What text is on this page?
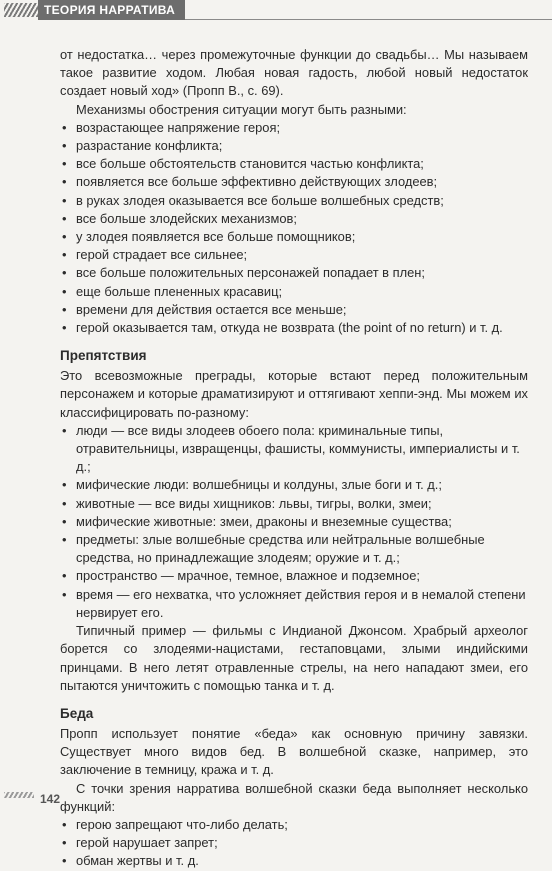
ТЕОРИЯ НАРРАТИВА

от недостатка… через промежуточные функции до свадьбы… Мы называем такое развитие ходом. Любая новая гадость, любой новый недостаток создает новый ход» (Пропп В., с. 69).

Механизмы обострения ситуации могут быть разными:

• возрастающее напряжение героя;
• разрастание конфликта;
• все больше обстоятельств становится частью конфликта;
• появляется все больше эффективно действующих злодеев;
• в руках злодея оказывается все больше волшебных средств;
• все больше злодейских механизмов;
• у злодея появляется все больше помощников;
• герой страдает все сильнее;
• все больше положительных персонажей попадает в плен;
• еще больше плененных красавиц;
• времени для действия остается все меньше;
• герой оказывается там, откуда не возврата (the point of no return) и т. д.
Препятствия

Это всевозможные преграды, которые встают перед положительным персонажем и которые драматизируют и оттягивают хеппи-энд. Мы можем их классифицировать по-разному:

• люди — все виды злодеев обоего пола: криминальные типы, отравительницы, извращенцы, фашисты, коммунисты, империалисты и т. д.;
• мифические люди: волшебницы и колдуны, злые боги и т. д.;
• животные — все виды хищников: львы, тигры, волки, змеи;
• мифические животные: змеи, драконы и внеземные существа;
• предметы: злые волшебные средства или нейтральные волшебные средства, но принадлежащие злодеям; оружие и т. д.;
• пространство — мрачное, темное, влажное и подземное;
• время — его нехватка, что усложняет действия героя и в немалой степени нервирует его.

Типичный пример — фильмы с Индианой Джонсом. Храбрый археолог борется со злодеями-нацистами, гестаповцами, злыми индийскими принцами. В него летят отравленные стрелы, на него нападают змеи, его пытаются уничтожить с помощью танка и т. д.

Беда

Пропп использует понятие «беда» как основную причину завязки. Существует много видов бед. В волшебной сказке, например, это заключение в темницу, кража и т. д.

С точки зрения нарратива волшебной сказки беда выполняет несколько функций:

• герою запрещают что-либо делать;
• герой нарушает запрет;
• обман жертвы и т. д.
142
